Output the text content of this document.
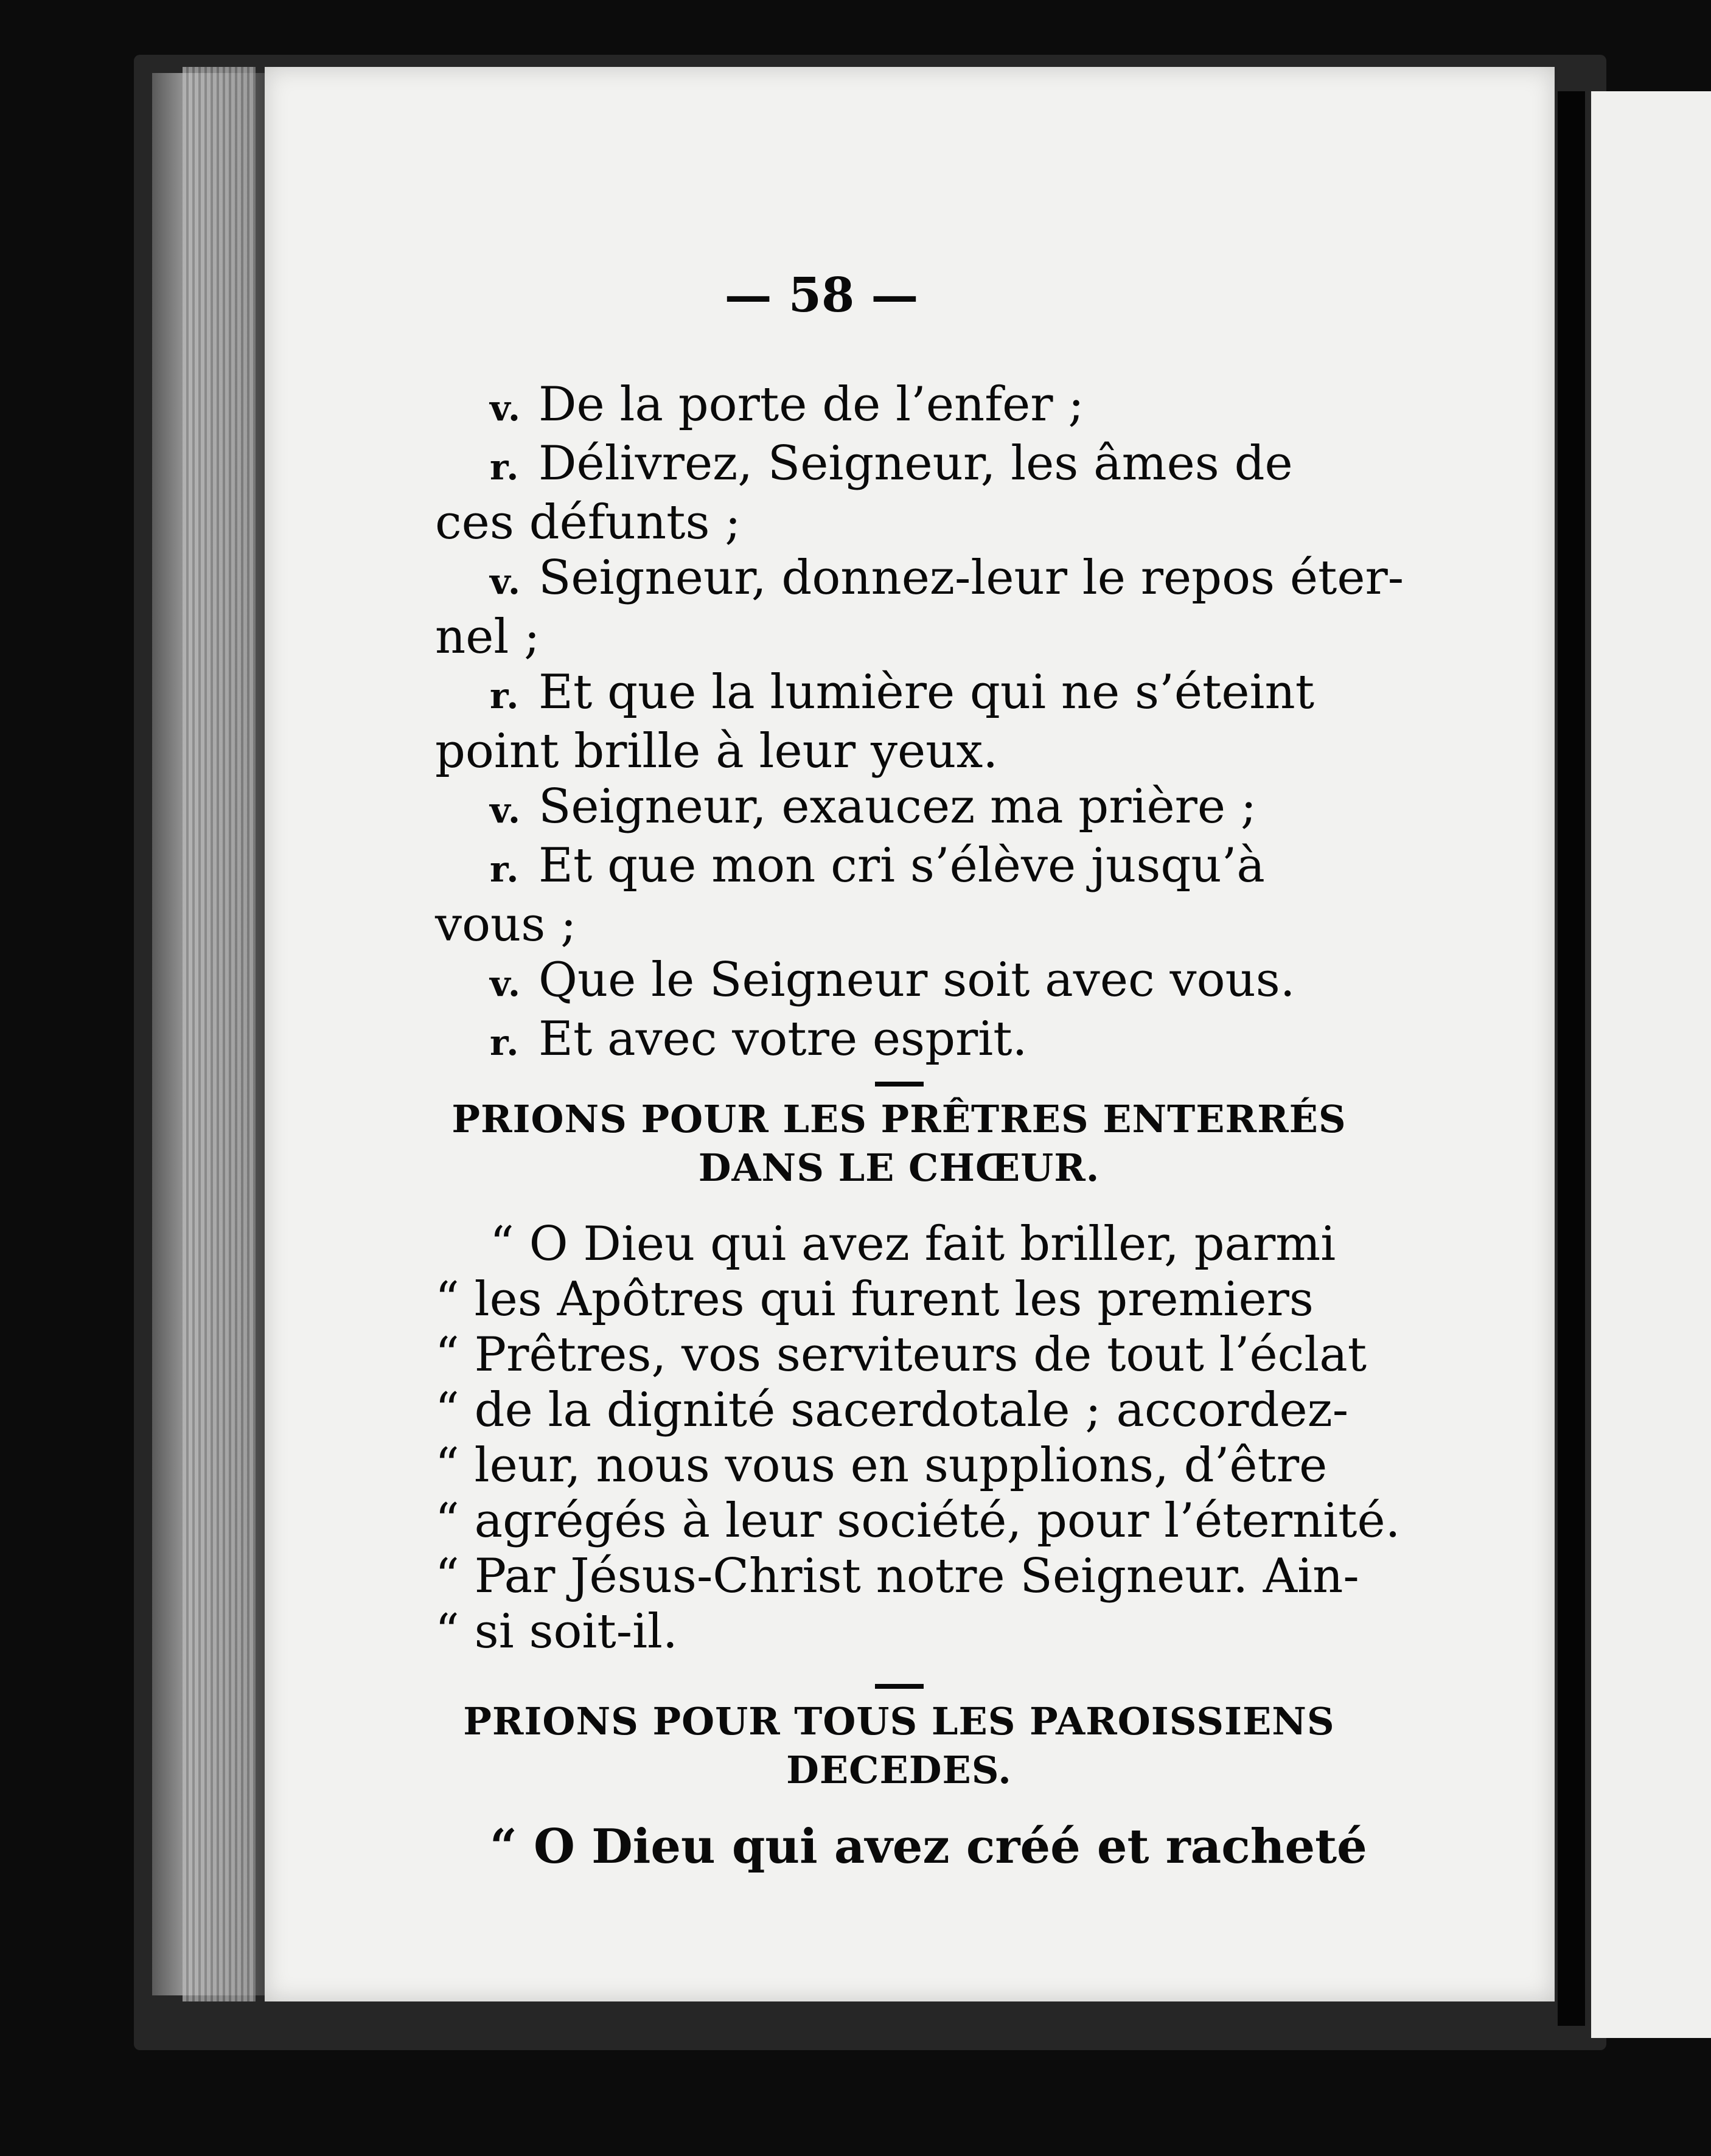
— 58 —
v. De la porte de l’enfer ;
r. Délivrez, Seigneur, les âmes de
ces défunts ;
v. Seigneur, donnez-leur le repos éter-
nel ;
r. Et que la lumière qui ne s’éteint
point brille à leur yeux.
v. Seigneur, exaucez ma prière ;
r. Et que mon cri s’élève jusqu’à
vous ;
v. Que le Seigneur soit avec vous.
r. Et avec votre esprit.
PRIONS POUR LES PRÊTRES ENTERRÉS
DANS LE CHŒUR.
“ O Dieu qui avez fait briller, parmi
“ les Apôtres qui furent les premiers
“ Prêtres, vos serviteurs de tout l’éclat
“ de la dignité sacerdotale ; accordez-
“ leur, nous vous en supplions, d’être
“ agrégés à leur société, pour l’éternité.
“ Par Jésus-Christ notre Seigneur. Ain-
“ si soit-il.
PRIONS POUR TOUS LES PAROISSIENS
DECEDES.
“ O Dieu qui avez créé et racheté
